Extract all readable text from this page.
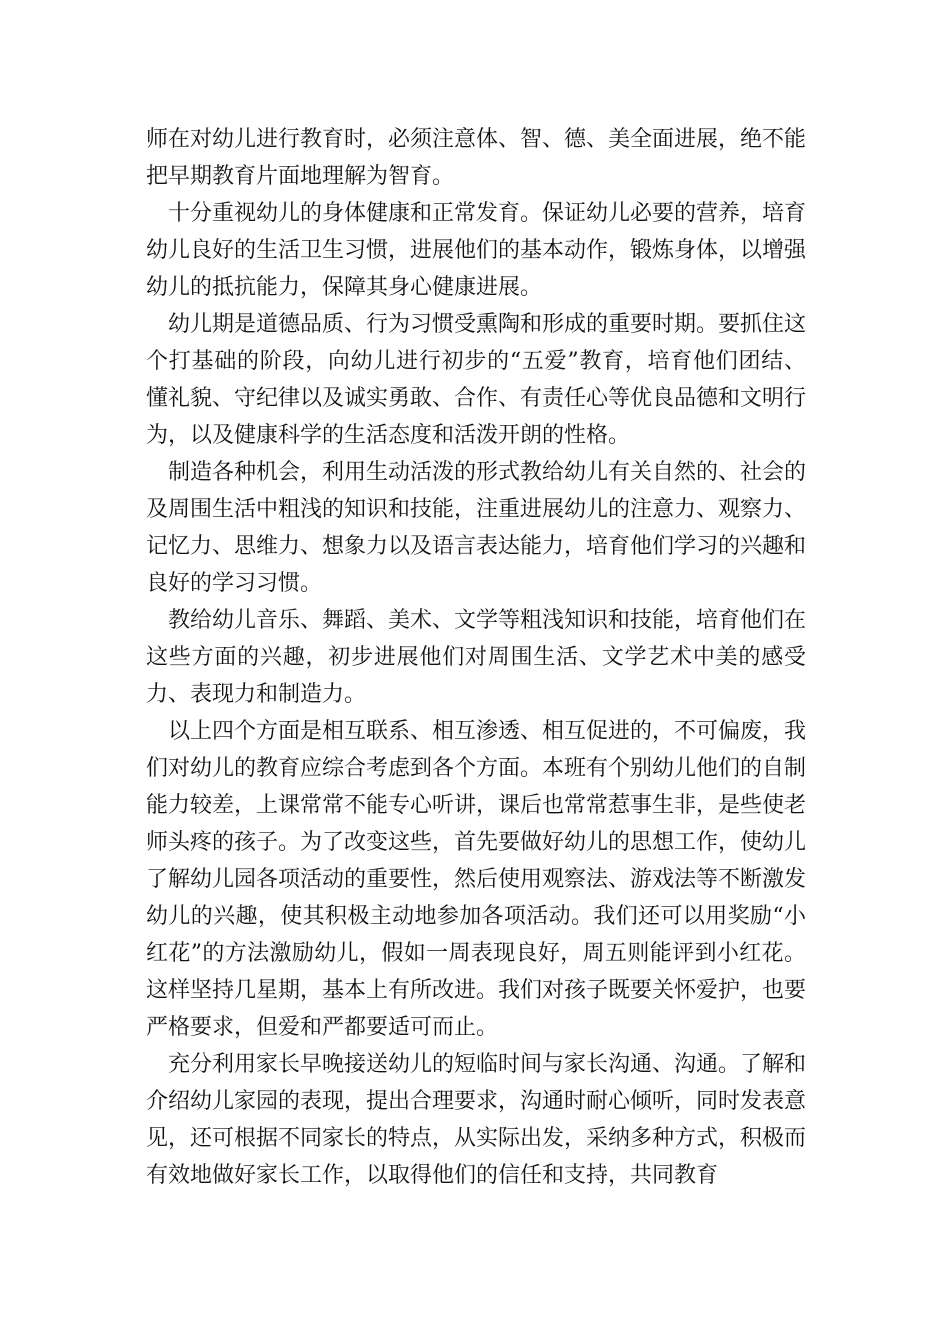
师在对幼儿进行教育时，必须注意体、智、德、美全面进展，绝不能把早期教育片面地理解为智育。

十分重视幼儿的身体健康和正常发育。保证幼儿必要的营养，培育幼儿良好的生活卫生习惯，进展他们的基本动作，锻炼身体，以增强幼儿的抵抗能力，保障其身心健康进展。

幼儿期是道德品质、行为习惯受熏陶和形成的重要时期。要抓住这个打基础的阶段，向幼儿进行初步的“五爱”教育，培育他们团结、懂礼貌、守纪律以及诚实勇敢、合作、有责任心等优良品德和文明行为，以及健康科学的生活态度和活泼开朗的性格。

制造各种机会，利用生动活泼的形式教给幼儿有关自然的、社会的及周围生活中粗浅的知识和技能，注重进展幼儿的注意力、观察力、记忆力、思维力、想象力以及语言表达能力，培育他们学习的兴趣和良好的学习习惯。

教给幼儿音乐、舞蹈、美术、文学等粗浅知识和技能，培育他们在这些方面的兴趣，初步进展他们对周围生活、文学艺术中美的感受力、表现力和制造力。

以上四个方面是相互联系、相互渗透、相互促进的，不可偏废，我们对幼儿的教育应综合考虑到各个方面。本班有个别幼儿他们的自制能力较差，上课常常不能专心听讲，课后也常常惹事生非，是些使老师头疼的孩子。为了改变这些，首先要做好幼儿的思想工作，使幼儿了解幼儿园各项活动的重要性，然后使用观察法、游戏法等不断激发幼儿的兴趣，使其积极主动地参加各项活动。我们还可以用奖励“小红花”的方法激励幼儿，假如一周表现良好，周五则能评到小红花。这样坚持几星期，基本上有所改进。我们对孩子既要关怀爱护，也要严格要求，但爱和严都要适可而止。

充分利用家长早晚接送幼儿的短临时间与家长沟通、沟通。了解和介绍幼儿家园的表现，提出合理要求，沟通时耐心倾听，同时发表意见，还可根据不同家长的特点，从实际出发，采纳多种方式，积极而有效地做好家长工作，以取得他们的信任和支持，共同教育
